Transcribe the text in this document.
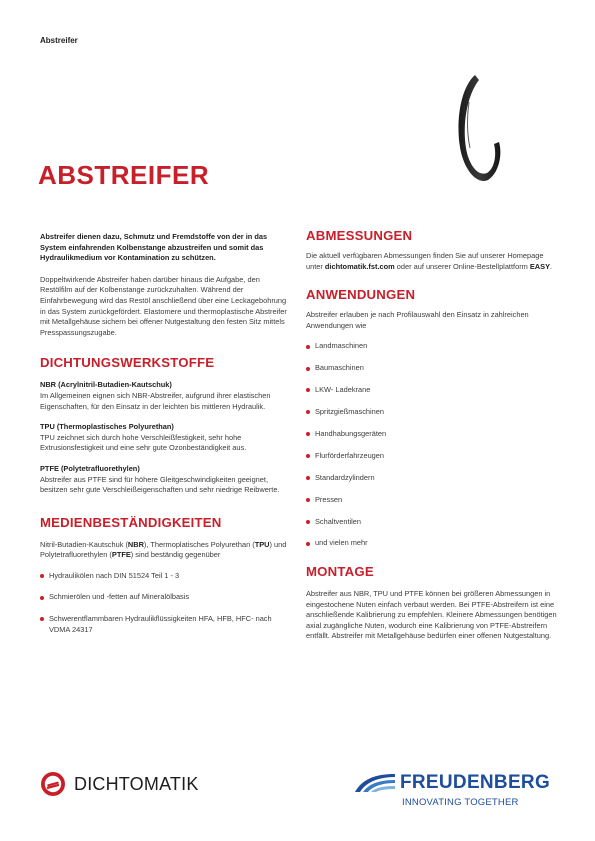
Abstreifer
ABSTREIFER

Abstreifer dienen dazu, Schmutz und Fremdstoffe von der in das System einfahrenden Kolbenstange abzustreifen und somit das Hydraulikmedium vor Kontamination zu schützen.

Doppeltwirkende Abstreifer haben darüber hinaus die Aufgabe, den Restölfilm auf der Kolbenstange zurückzuhalten. Während der Einfahrbewegung wird das Restöl anschließend über eine Leckagebohrung in das System zurückgefördert. Elastomere und thermoplastische Abstreifer mit Metallgehäuse sichern bei offener Nutgestaltung den festen Sitz mittels Presspassungszugabe.

DICHTUNGSWERKSTOFFE
NBR (Acrylnitril-Butadien-Kautschuk)

Im Allgemeinen eignen sich NBR-Abstreifer, aufgrund ihrer elastischen Eigenschaften, für den Einsatz in der leichten bis mittleren Hydraulik.

TPU (Thermoplastisches Polyurethan)

TPU zeichnet sich durch hohe Verschleißfestigkeit, sehr hohe Extrusionsfestigkeit und eine sehr gute Ozonbeständigkeit aus.

PTFE (Polytetrafluorethylen)

Abstreifer aus PTFE sind für höhere Gleitgeschwindigkeiten geeignet, besitzen sehr gute Verschleißeigenschaften und sehr niedrige Reibwerte.

MEDIENBESTÄNDIGKEITEN

Nitril-Butadien-Kautschuk (NBR), Thermoplatisches Polyurethan (TPU) und Polytetrafluorethylen (PTFE) sind beständig gegenüber

Hydraulikölen nach DIN 51524 Teil 1 - 3
Schmierölen und -fetten auf Mineralölbasis
Schwerentflammbaren Hydraulikflüssigkeiten HFA, HFB, HFC- nach VDMA 24317
ABMESSUNGEN

Die aktuell verfügbaren Abmessungen finden Sie auf unserer Homepage unter dichtomatik.fst.com oder auf unserer Online-Bestellplattform EASY.

ANWENDUNGEN

Abstreifer erlauben je nach Profilauswahl den Einsatz in zahlreichen Anwendungen wie

Landmaschinen
Baumaschinen
LKW- Ladekrane
Spritzgießmaschinen
Handhabungsgeräten
Flurförderfahrzeugen
Standardzylindern
Pressen
Schaltventilen
und vielen mehr
MONTAGE

Abstreifer aus NBR, TPU und PTFE können bei größeren Abmessungen in eingestochene Nuten einfach verbaut werden. Bei PTFE-Abstreifern ist eine anschließende Kalibrierung zu empfehlen. Kleinere Abmessungen benötigen axial zugängliche Nuten, wodurch eine Kalibrierung von PTFE-Abstreifern entfällt. Abstreifer mit Metallgehäuse bedürfen einer offenen Nutgestaltung.

DICHTOMATIK	FREUDENBERG
INNOVATING TOGETHER
